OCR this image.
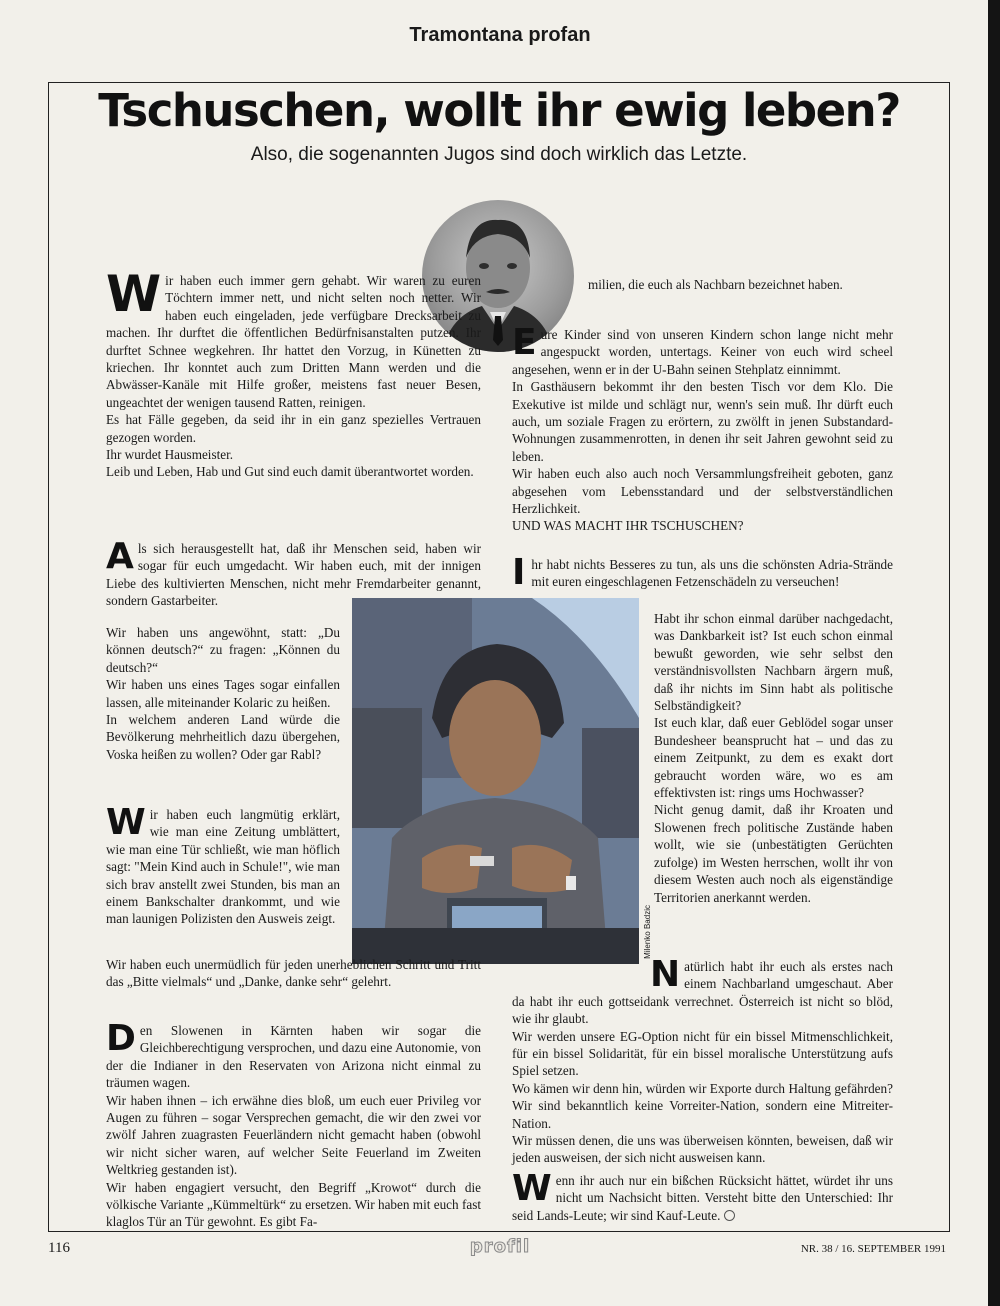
Tramontana profan
Tschuschen, wollt ihr ewig leben?
Also, die sogenannten Jugos sind doch wirklich das Letzte.
Milenko Badzic

W ir haben euch immer gern gehabt. Wir waren zu euren Töchtern immer nett, und nicht selten noch netter. Wir haben euch eingeladen, jede verfügbare Drecksarbeit zu machen. Ihr durftet die öffentlichen Bedürfnisanstalten putzen. Ihr durftet Schnee wegkehren. Ihr hattet den Vorzug, in Künetten zu kriechen. Ihr konntet auch zum Dritten Mann werden und die Abwässer-Kanäle mit Hilfe großer, meistens fast neuer Besen, ungeachtet der wenigen tausend Ratten, reinigen.

Es hat Fälle gegeben, da seid ihr in ein ganz spezielles Vertrauen gezogen worden.

Ihr wurdet Hausmeister.

Leib und Leben, Hab und Gut sind euch damit überantwortet worden.

A ls sich herausgestellt hat, daß ihr Menschen seid, haben wir sogar für euch umgedacht. Wir haben euch, mit der innigen Liebe des kultivierten Menschen, nicht mehr Fremdarbeiter genannt, sondern Gastarbeiter.

Wir haben uns angewöhnt, statt: „Du können deutsch?“ zu fragen: „Können du deutsch?“

Wir haben uns eines Tages sogar einfallen lassen, alle miteinander Kolaric zu heißen.

In welchem anderen Land würde die Bevölkerung mehrheitlich dazu übergehen, Voska heißen zu wollen? Oder gar Rabl?

W ir haben euch langmütig erklärt, wie man eine Zeitung umblättert, wie man eine Tür schließt, wie man höflich sagt: "Mein Kind auch in Schule!", wie man sich brav anstellt zwei Stunden, bis man an einem Bankschalter drankommt, und wie man launigen Polizisten den Ausweis zeigt.

Wir haben euch unermüdlich für jeden unerheblichen Schritt und Tritt das „Bitte vielmals“ und „Danke, danke sehr“ gelehrt.

D en Slowenen in Kärnten haben wir sogar die Gleichberechtigung versprochen, und dazu eine Autonomie, von der die Indianer in den Reservaten von Arizona nicht einmal zu träumen wagen.

Wir haben ihnen – ich erwähne dies bloß, um euch euer Privileg vor Augen zu führen – sogar Versprechen gemacht, die wir den zwei vor zwölf Jahren zuagrasten Feuerländern nicht gemacht haben (obwohl wir nicht sicher waren, auf welcher Seite Feuerland im Zweiten Weltkrieg gestanden ist).

Wir haben engagiert versucht, den Begriff „Krowot“ durch die völkische Variante „Kümmeltürk“ zu ersetzen. Wir haben mit euch fast klaglos Tür an Tür gewohnt. Es gibt Fa-

milien, die euch als Nachbarn bezeichnet haben.

E ure Kinder sind von unseren Kindern schon lange nicht mehr angespuckt worden, untertags. Keiner von euch wird scheel angesehen, wenn er in der U-Bahn seinen Stehplatz einnimmt.

In Gasthäusern bekommt ihr den besten Tisch vor dem Klo. Die Exekutive ist milde und schlägt nur, wenn's sein muß. Ihr dürft euch auch, um soziale Fragen zu erörtern, zu zwölft in jenen Substandard-Wohnungen zusammenrotten, in denen ihr seit Jahren gewohnt seid zu leben.

Wir haben euch also auch noch Versammlungsfreiheit geboten, ganz abgesehen vom Lebensstandard und der selbstverständlichen Herzlichkeit.

UND WAS MACHT IHR TSCHUSCHEN?

I hr habt nichts Besseres zu tun, als uns die schönsten Adria-Strände mit euren eingeschlagenen Fetzenschädeln zu verseuchen!

Habt ihr schon einmal darüber nachgedacht, was Dankbarkeit ist? Ist euch schon einmal bewußt geworden, wie sehr selbst den verständnisvollsten Nachbarn ärgern muß, daß ihr nichts im Sinn habt als politische Selbständigkeit?

Ist euch klar, daß euer Geblödel sogar unser Bundesheer beansprucht hat – und das zu einem Zeitpunkt, zu dem es exakt dort gebraucht worden wäre, wo es am effektivsten ist: rings ums Hochwasser?

Nicht genug damit, daß ihr Kroaten und Slowenen frech politische Zustände haben wollt, wie sie (unbestätigten Gerüchten zufolge) im Westen herrschen, wollt ihr von diesem Westen auch noch als eigenständige Territorien anerkannt werden.

N atürlich habt ihr euch als erstes nach einem Nachbarland umgeschaut. Aber da habt ihr euch gottseidank verrechnet. Österreich ist nicht so blöd, wie ihr glaubt.

Wir werden unsere EG-Option nicht für ein bissel Mitmenschlichkeit, für ein bissel Solidarität, für ein bissel moralische Unterstützung aufs Spiel setzen.

Wo kämen wir denn hin, würden wir Exporte durch Haltung gefährden? Wir sind bekanntlich keine Vorreiter-Nation, sondern eine Mitreiter-Nation.

Wir müssen denen, die uns was überweisen könnten, beweisen, daß wir jeden ausweisen, der sich nicht ausweisen kann.

W enn ihr auch nur ein bißchen Rücksicht hättet, würdet ihr uns nicht um Nachsicht bitten. Versteht bitte den Unterschied: Ihr seid Lands-Leute; wir sind Kauf-Leute.

116	profil	NR. 38 / 16. SEPTEMBER 1991
